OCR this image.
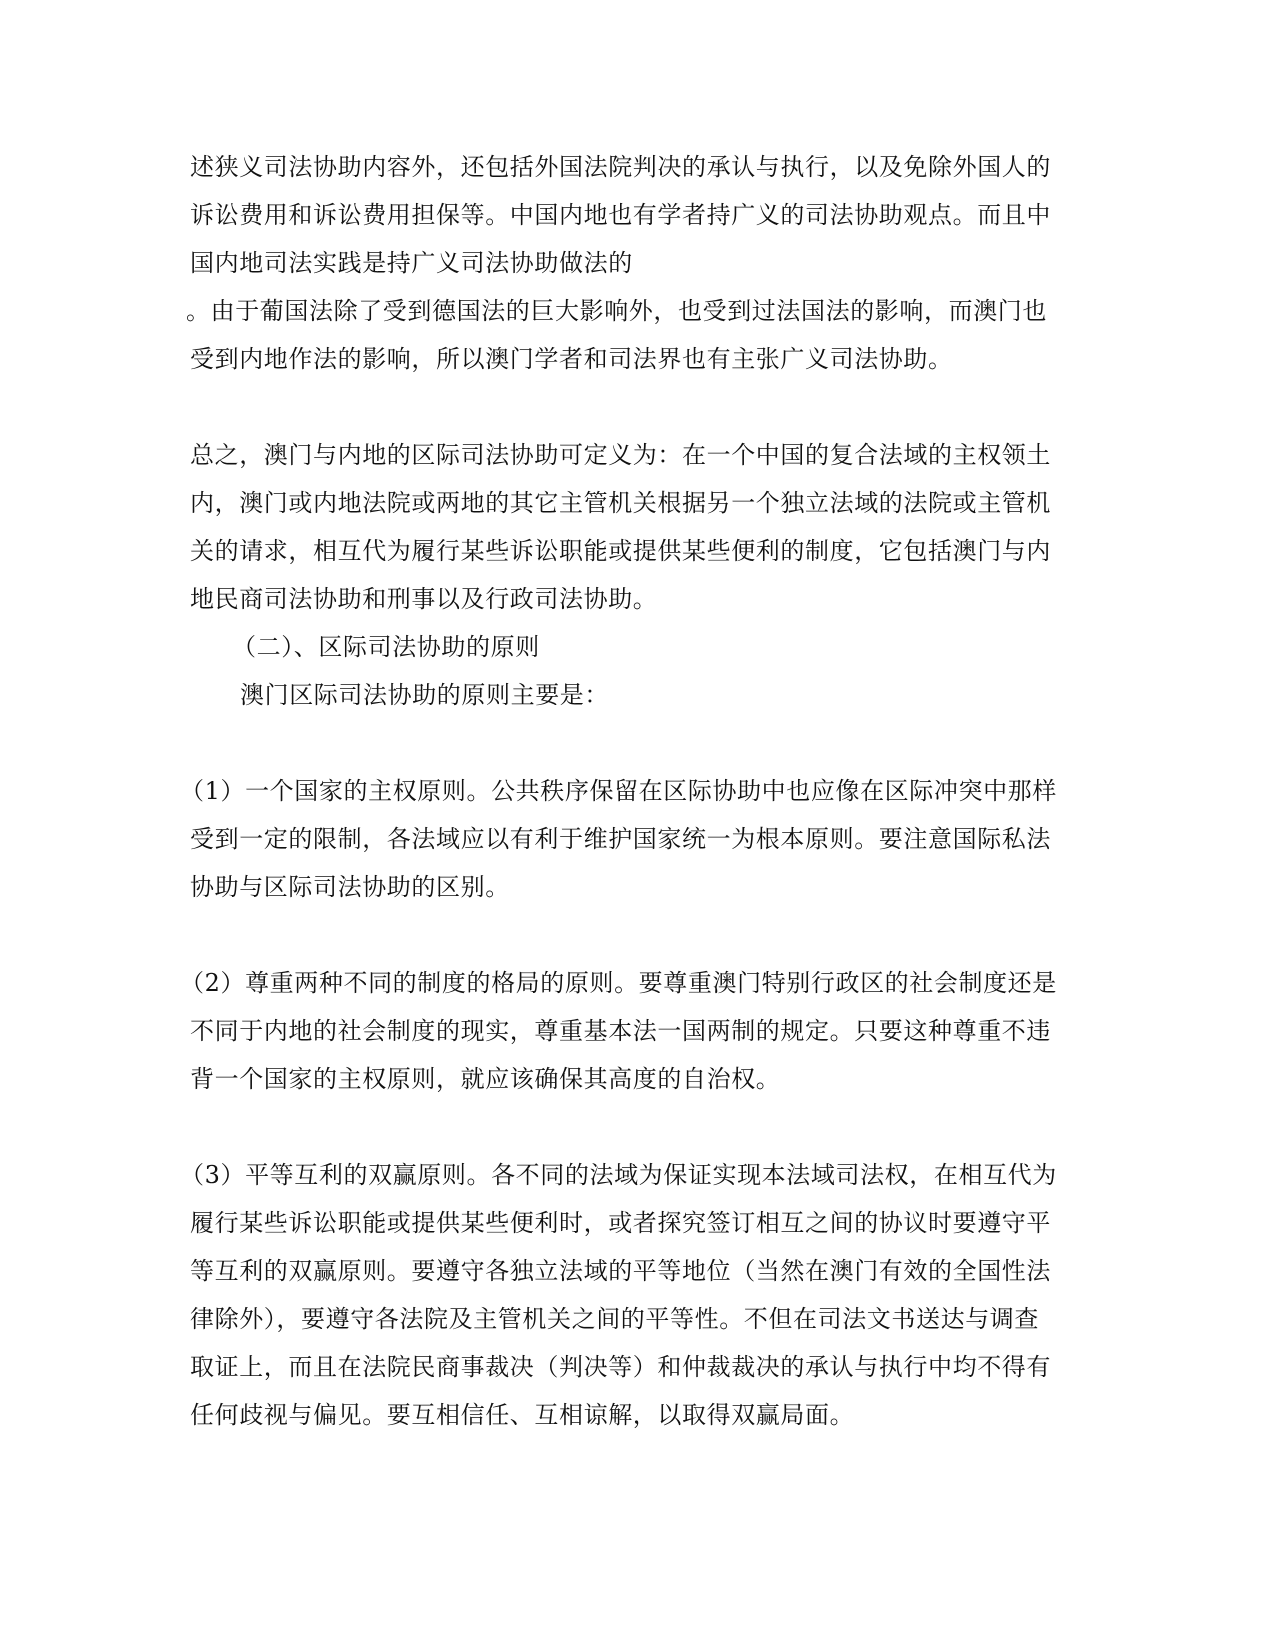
述狭义司法协助内容外，还包括外国法院判决的承认与执行，以及免除外国人的
诉讼费用和诉讼费用担保等。中国内地也有学者持广义的司法协助观点。而且中
国内地司法实践是持广义司法协助做法的
。由于葡国法除了受到德国法的巨大影响外，也受到过法国法的影响，而澳门也
受到内地作法的影响，所以澳门学者和司法界也有主张广义司法协助。
总之，澳门与内地的区际司法协助可定义为：在一个中国的复合法域的主权领土
内，澳门或内地法院或两地的其它主管机关根据另一个独立法域的法院或主管机
关的请求，相互代为履行某些诉讼职能或提供某些便利的制度，它包括澳门与内
地民商司法协助和刑事以及行政司法协助。
（二）、区际司法协助的原则
澳门区际司法协助的原则主要是：
（1）一个国家的主权原则。公共秩序保留在区际协助中也应像在区际冲突中那样
受到一定的限制，各法域应以有利于维护国家统一为根本原则。要注意国际私法
协助与区际司法协助的区别。
（2）尊重两种不同的制度的格局的原则。要尊重澳门特别行政区的社会制度还是
不同于内地的社会制度的现实，尊重基本法一国两制的规定。只要这种尊重不违
背一个国家的主权原则，就应该确保其高度的自治权。
（3）平等互利的双赢原则。各不同的法域为保证实现本法域司法权，在相互代为
履行某些诉讼职能或提供某些便利时，或者探究签订相互之间的协议时要遵守平
等互利的双赢原则。要遵守各独立法域的平等地位（当然在澳门有效的全国性法
律除外），要遵守各法院及主管机关之间的平等性。不但在司法文书送达与调查
取证上，而且在法院民商事裁决（判决等）和仲裁裁决的承认与执行中均不得有
任何歧视与偏见。要互相信任、互相谅解，以取得双赢局面。
